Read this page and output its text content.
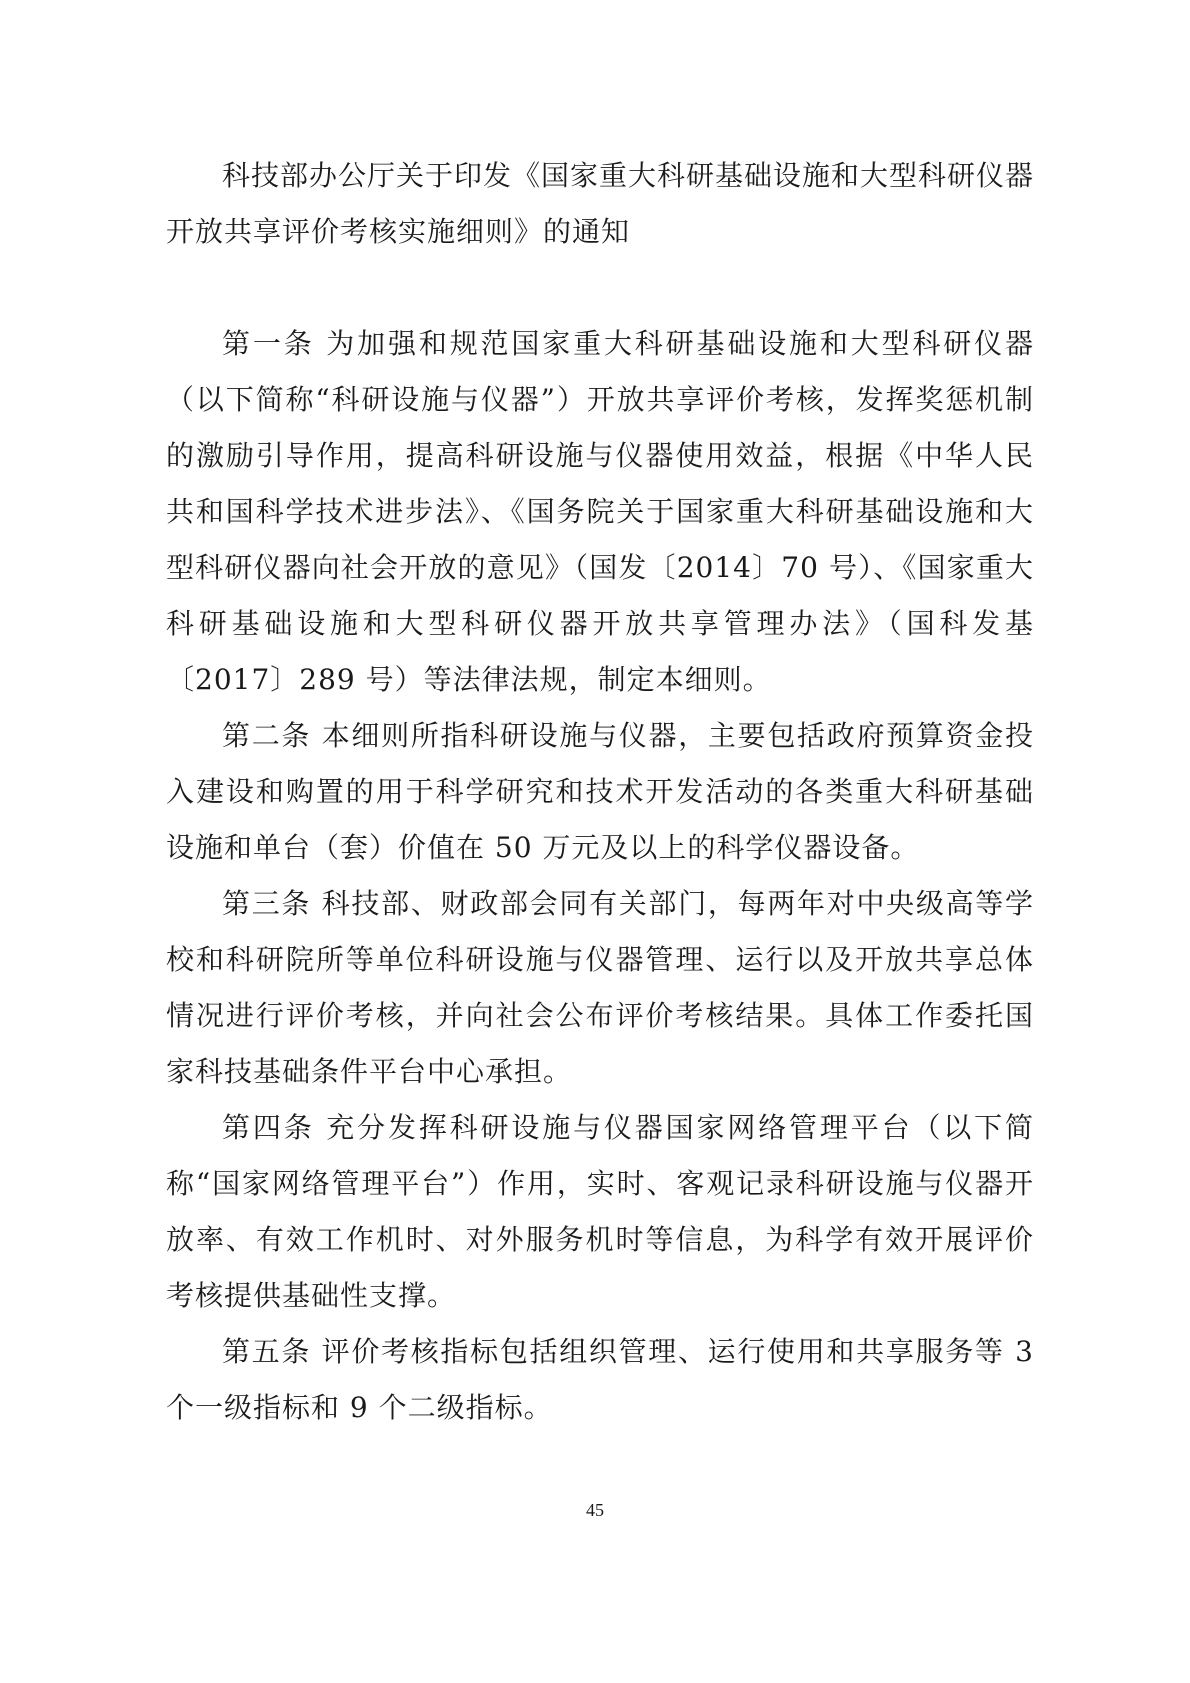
科技部办公厅关于印发《国家重大科研基础设施和大型科研仪器开放共享评价考核实施细则》的通知

第一条 为加强和规范国家重大科研基础设施和大型科研仪器（以下简称“科研设施与仪器”）开放共享评价考核，发挥奖惩机制的激励引导作用，提高科研设施与仪器使用效益，根据《中华人民共和国科学技术进步法》、《国务院关于国家重大科研基础设施和大型科研仪器向社会开放的意见》（国发〔2014〕70 号）、《国家重大科研基础设施和大型科研仪器开放共享管理办法》（国科发基〔2017〕289 号）等法律法规，制定本细则。

第二条 本细则所指科研设施与仪器，主要包括政府预算资金投入建设和购置的用于科学研究和技术开发活动的各类重大科研基础设施和单台（套）价值在 50 万元及以上的科学仪器设备。

第三条 科技部、财政部会同有关部门，每两年对中央级高等学校和科研院所等单位科研设施与仪器管理、运行以及开放共享总体情况进行评价考核，并向社会公布评价考核结果。具体工作委托国家科技基础条件平台中心承担。

第四条 充分发挥科研设施与仪器国家网络管理平台（以下简称“国家网络管理平台”）作用，实时、客观记录科研设施与仪器开放率、有效工作机时、对外服务机时等信息，为科学有效开展评价考核提供基础性支撑。

第五条 评价考核指标包括组织管理、运行使用和共享服务等 3 个一级指标和 9 个二级指标。

45
